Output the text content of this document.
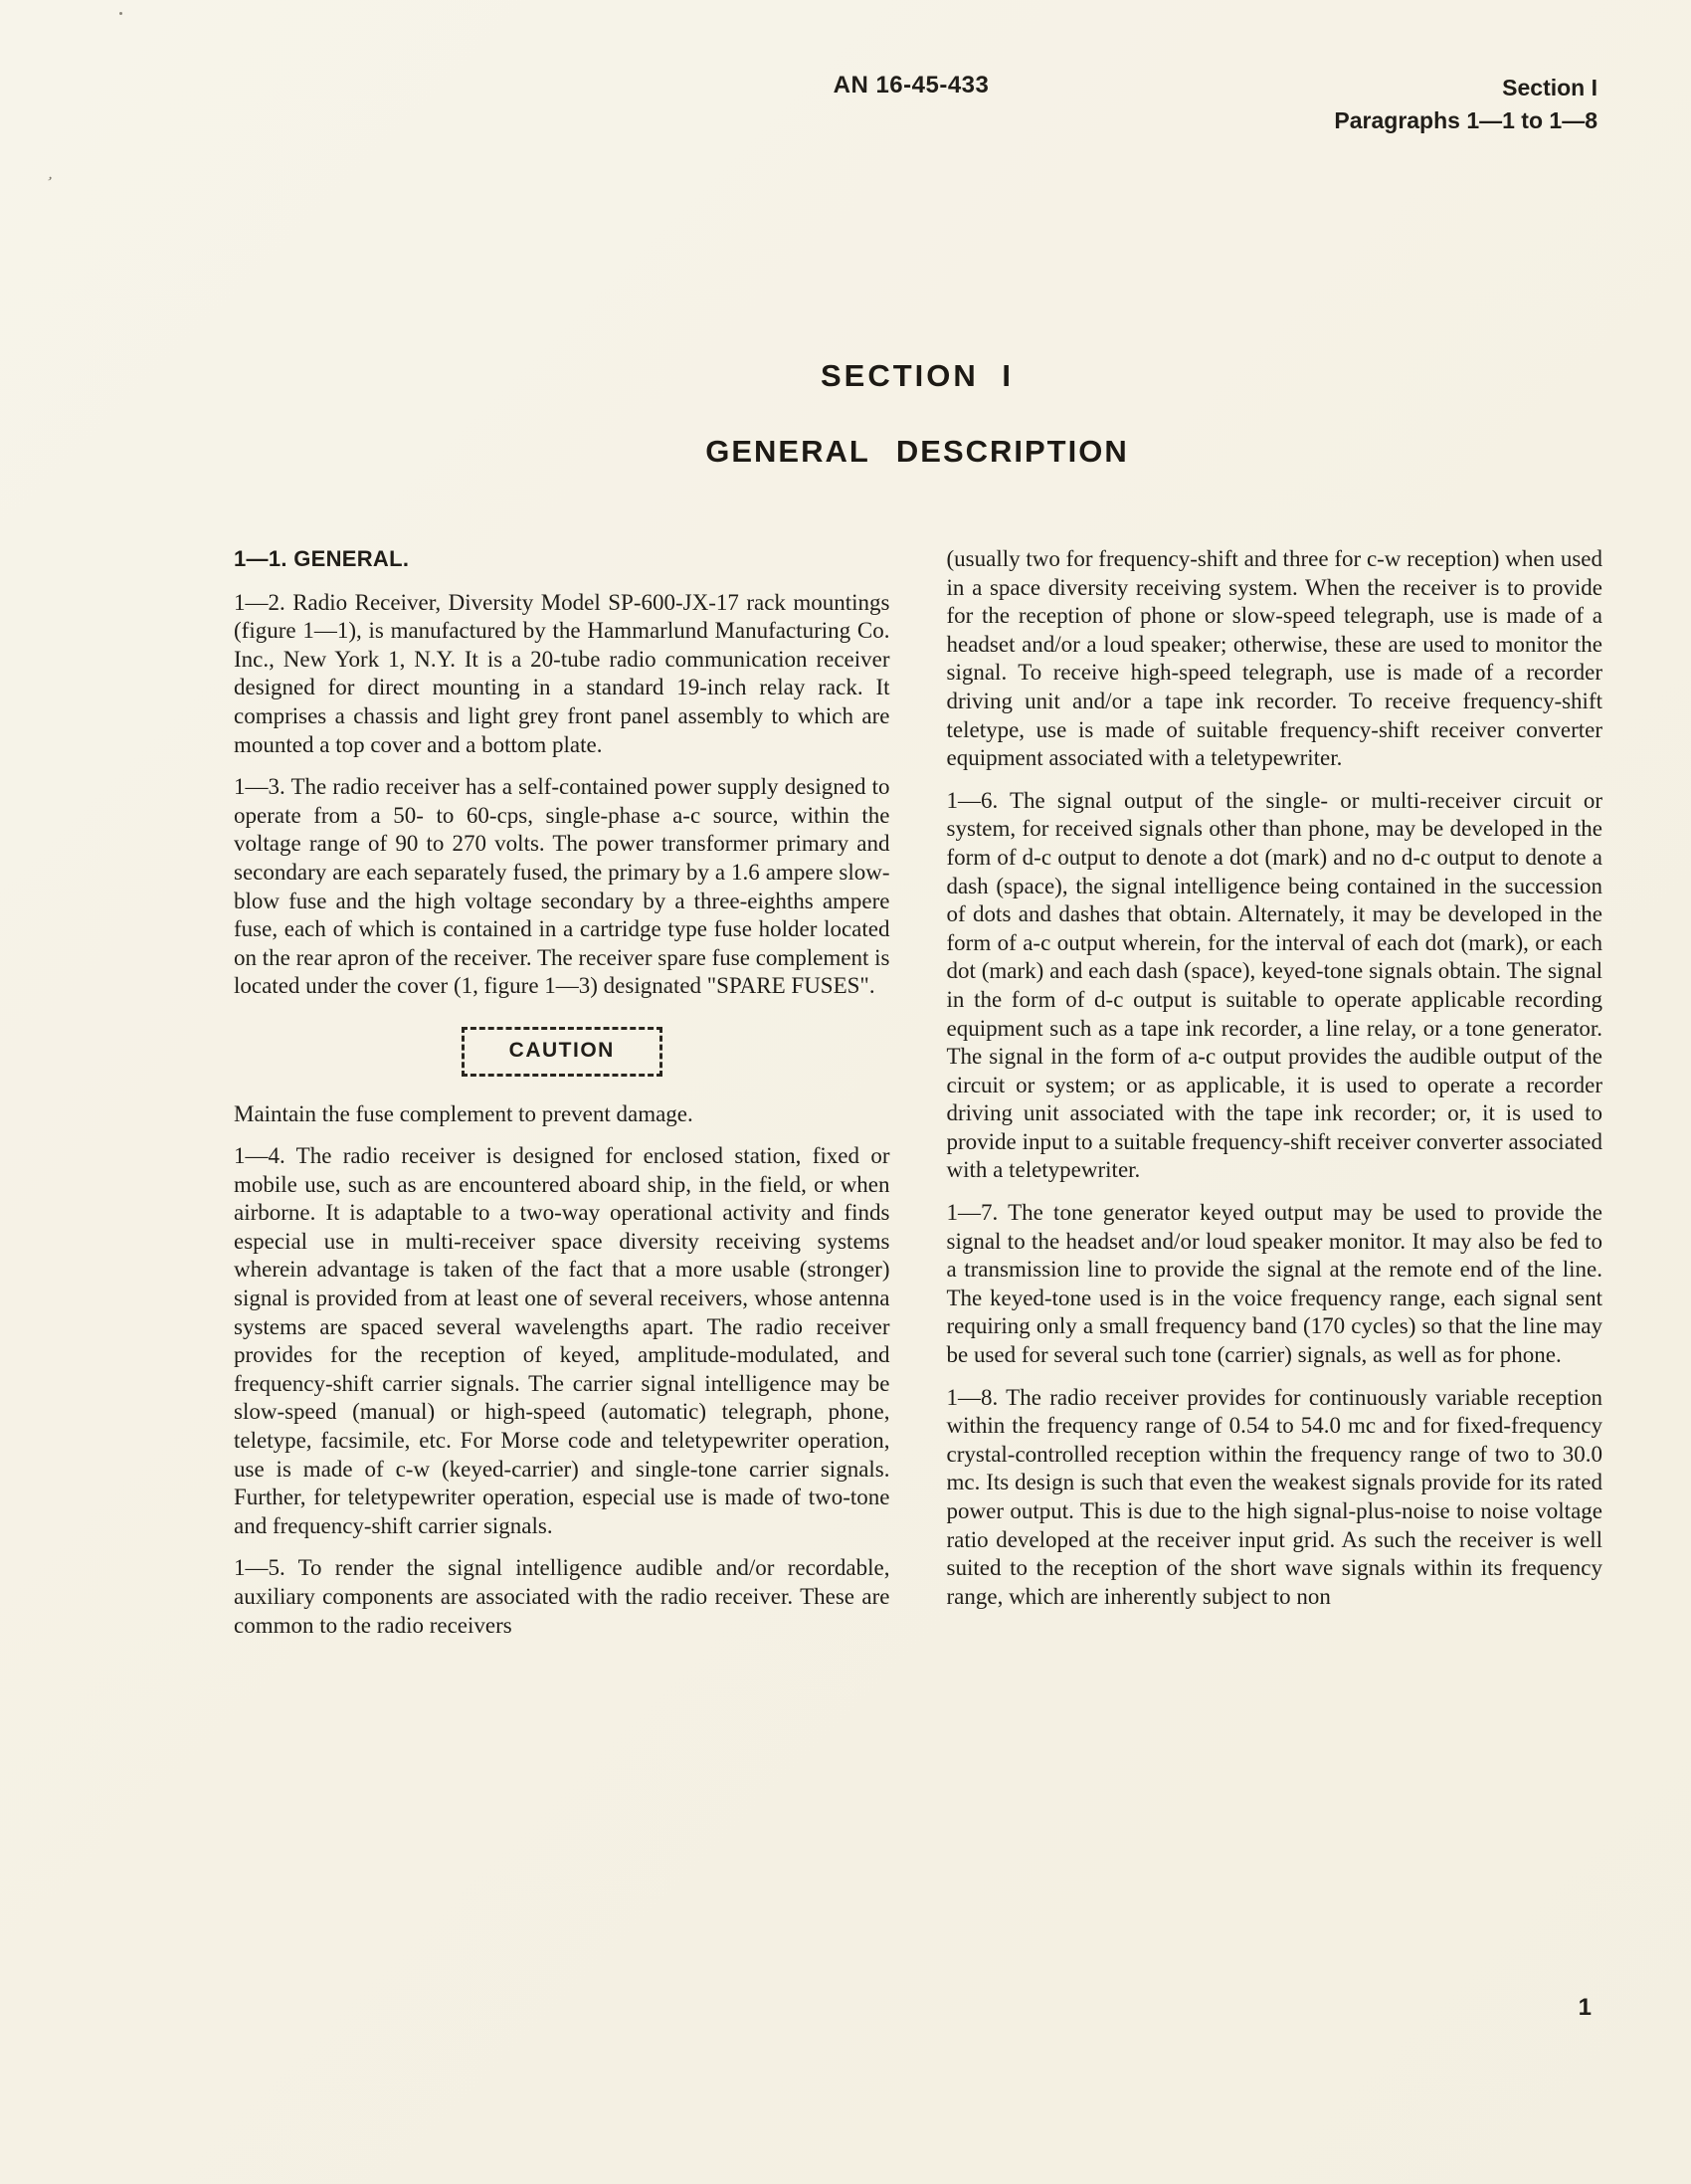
’
AN 16-45-433	Section I
Paragraphs 1—1 to 1—8
SECTION I
GENERAL DESCRIPTION
1—1. GENERAL.

1—2. Radio Receiver, Diversity Model SP-600-JX-17 rack mountings (figure 1—1), is manufactured by the Hammarlund Manufacturing Co. Inc., New York 1, N.Y. It is a 20-tube radio communication receiver designed for direct mounting in a standard 19-inch relay rack. It comprises a chassis and light grey front panel assembly to which are mounted a top cover and a bottom plate.

1—3. The radio receiver has a self-contained power supply designed to operate from a 50- to 60-cps, single-phase a-c source, within the voltage range of 90 to 270 volts. The power transformer primary and secondary are each separately fused, the primary by a 1.6 ampere slow-blow fuse and the high voltage secondary by a three-eighths ampere fuse, each of which is contained in a cartridge type fuse holder located on the rear apron of the receiver. The receiver spare fuse complement is located under the cover (1, figure 1—3) designated "SPARE FUSES".

CAUTION

Maintain the fuse complement to prevent damage.

1—4. The radio receiver is designed for enclosed station, fixed or mobile use, such as are encountered aboard ship, in the field, or when airborne. It is adaptable to a two-way operational activity and finds especial use in multi-receiver space diversity receiving systems wherein advantage is taken of the fact that a more usable (stronger) signal is provided from at least one of several receivers, whose antenna systems are spaced several wavelengths apart. The radio receiver provides for the reception of keyed, amplitude-modulated, and frequency-shift carrier signals. The carrier signal intelligence may be slow-speed (manual) or high-speed (automatic) telegraph, phone, teletype, facsimile, etc. For Morse code and teletypewriter operation, use is made of c-w (keyed-carrier) and single-tone carrier signals. Further, for teletypewriter operation, especial use is made of two-tone and frequency-shift carrier signals.

1—5. To render the signal intelligence audible and/or recordable, auxiliary components are associated with the radio receiver. These are common to the radio receivers

(usually two for frequency-shift and three for c-w reception) when used in a space diversity receiving system. When the receiver is to provide for the reception of phone or slow-speed telegraph, use is made of a headset and/or a loud speaker; otherwise, these are used to monitor the signal. To receive high-speed telegraph, use is made of a recorder driving unit and/or a tape ink recorder. To receive frequency-shift teletype, use is made of suitable frequency-shift receiver converter equipment associated with a teletypewriter.

1—6. The signal output of the single- or multi-receiver circuit or system, for received signals other than phone, may be developed in the form of d-c output to denote a dot (mark) and no d-c output to denote a dash (space), the signal intelligence being contained in the succession of dots and dashes that obtain. Alternately, it may be developed in the form of a-c output wherein, for the interval of each dot (mark), or each dot (mark) and each dash (space), keyed-tone signals obtain. The signal in the form of d-c output is suitable to operate applicable recording equipment such as a tape ink recorder, a line relay, or a tone generator. The signal in the form of a-c output provides the audible output of the circuit or system; or as applicable, it is used to operate a recorder driving unit associated with the tape ink recorder; or, it is used to provide input to a suitable frequency-shift receiver converter associated with a teletypewriter.

1—7. The tone generator keyed output may be used to provide the signal to the headset and/or loud speaker monitor. It may also be fed to a transmission line to provide the signal at the remote end of the line. The keyed-tone used is in the voice frequency range, each signal sent requiring only a small frequency band (170 cycles) so that the line may be used for several such tone (carrier) signals, as well as for phone.

1—8. The radio receiver provides for continuously variable reception within the frequency range of 0.54 to 54.0 mc and for fixed-frequency crystal-controlled reception within the frequency range of two to 30.0 mc. Its design is such that even the weakest signals provide for its rated power output. This is due to the high signal-plus-noise to noise voltage ratio developed at the receiver input grid. As such the receiver is well suited to the reception of the short wave signals within its frequency range, which are inherently subject to non

1
